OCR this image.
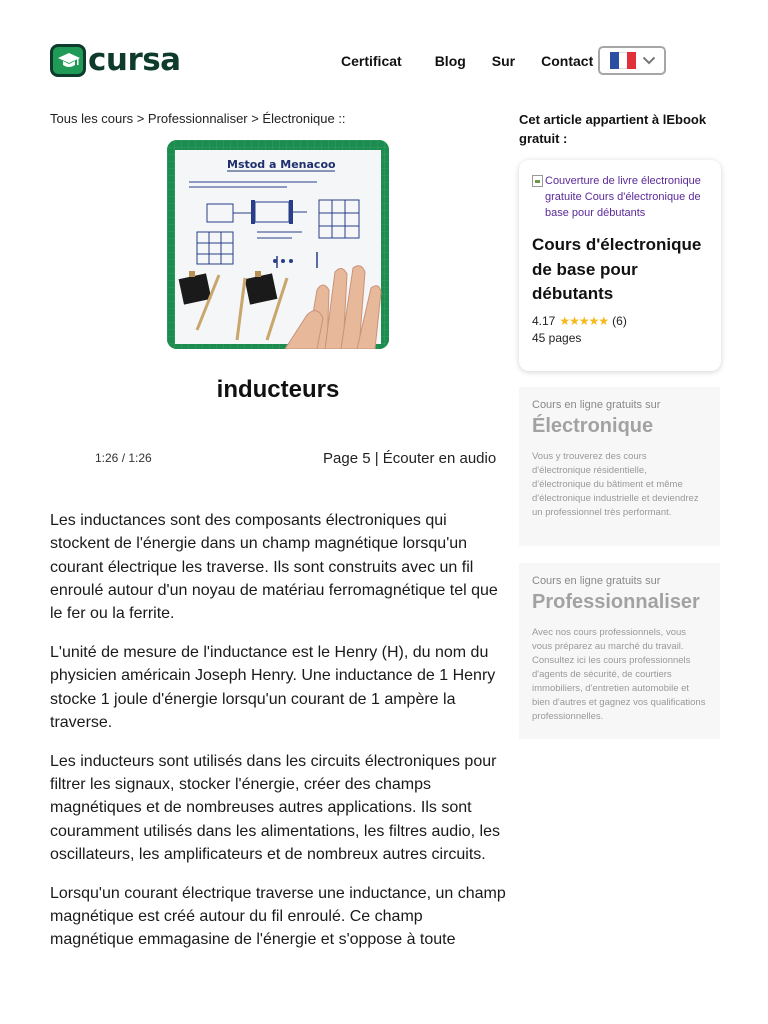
cursa	Certificat Blog Sur Contact
Tous les cours > Professionnaliser > Électronique ::
Mstod a Menacoo
inducteurs
1:26 / 1:26	Page 5 | Écouter en audio

Les inductances sont des composants électroniques qui stockent de l'énergie dans un champ magnétique lorsqu'un courant électrique les traverse. Ils sont construits avec un fil enroulé autour d'un noyau de matériau ferromagnétique tel que le fer ou la ferrite.

L'unité de mesure de l'inductance est le Henry (H), du nom du physicien américain Joseph Henry. Une inductance de 1 Henry stocke 1 joule d'énergie lorsqu'un courant de 1 ampère la traverse.

Les inducteurs sont utilisés dans les circuits électroniques pour filtrer les signaux, stocker l'énergie, créer des champs magnétiques et de nombreuses autres applications. Ils sont couramment utilisés dans les alimentations, les filtres audio, les oscillateurs, les amplificateurs et de nombreux autres circuits.

Lorsqu'un courant électrique traverse une inductance, un champ magnétique est créé autour du fil enroulé. Ce champ magnétique emmagasine de l'énergie et s'oppose à toute

Cet article appartient à lEbook gratuit :
Couverture de livre électronique gratuite Cours d'électronique de base pour débutants
Cours d'électronique de base pour débutants
4.17 ★★★★★ (6)
45 pages
Cours en ligne gratuits sur
Électronique
Vous y trouverez des cours d'électronique résidentielle, d'électronique du bâtiment et même d'électronique industrielle et deviendrez un professionnel très performant.
Cours en ligne gratuits sur
Professionnaliser
Avec nos cours professionnels, vous vous préparez au marché du travail. Consultez ici les cours professionnels d'agents de sécurité, de courtiers immobiliers, d'entretien automobile et bien d'autres et gagnez vos qualifications professionnelles.
